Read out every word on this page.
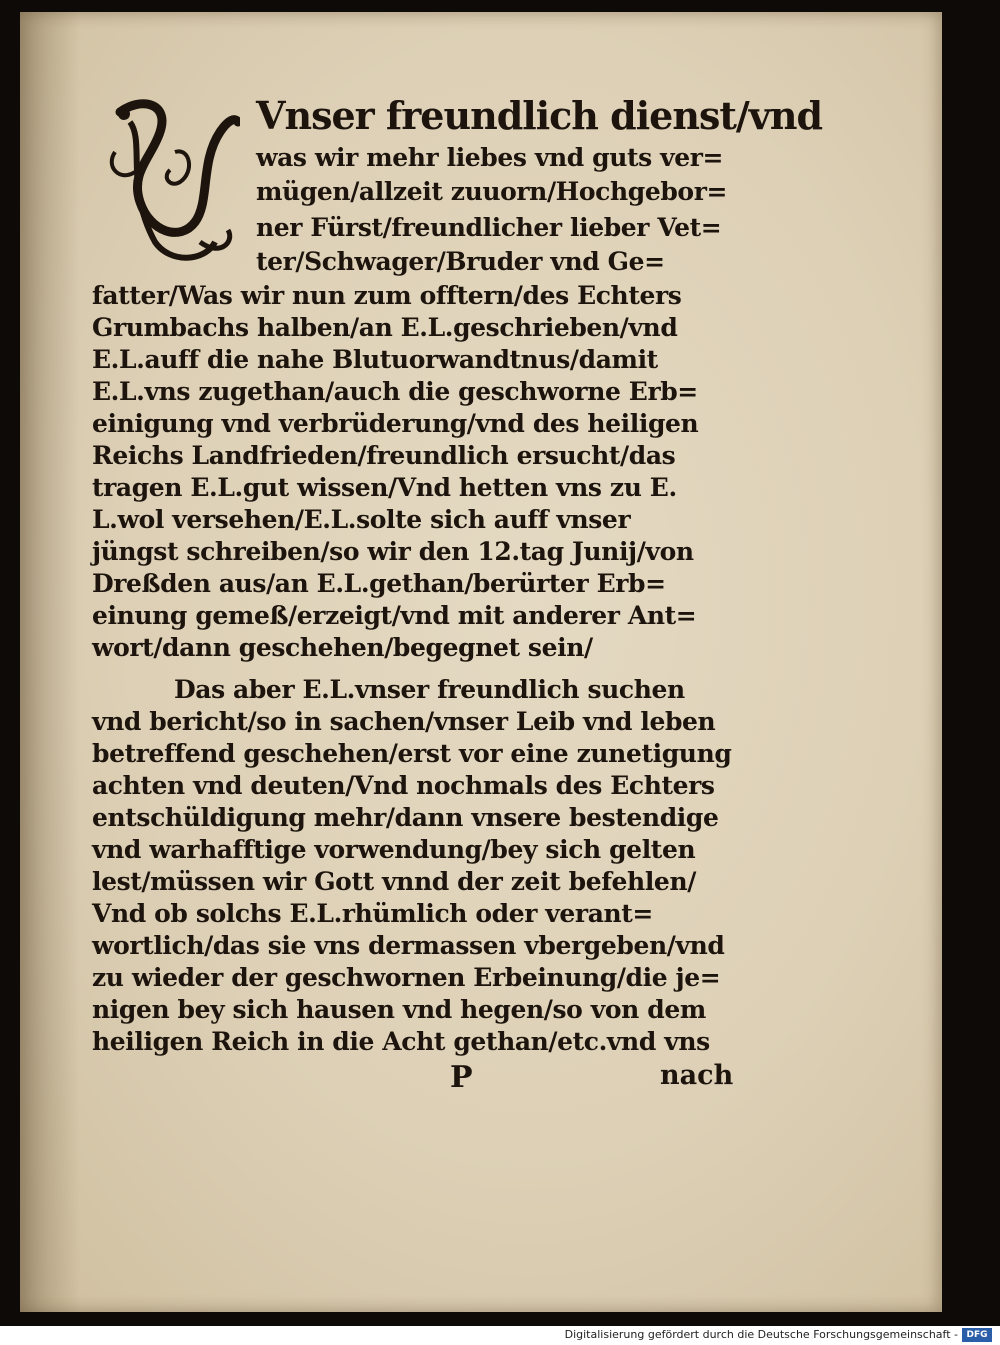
Vnser freundlich dienst/vnd
was wir mehr liebes vnd guts ver=
mügen/allzeit zuuorn/Hochgebor=
ner Fürst/freundlicher lieber Vet=
ter/Schwager/Bruder vnd Ge=
fatter/Was wir nun zum offtern/des Echters
Grumbachs halben/an E.L.geschrieben/vnd
E.L.auff die nahe Blutuorwandtnus/damit
E.L.vns zugethan/auch die geschworne Erb=
einigung vnd verbrüderung/vnd des heiligen
Reichs Landfrieden/freundlich ersucht/das
tragen E.L.gut wissen/Vnd hetten vns zu E.
L.wol versehen/E.L.solte sich auff vnser
jüngst schreiben/so wir den 12.tag Junij/von
Dreßden aus/an E.L.gethan/berürter Erb=
einung gemeß/erzeigt/vnd mit anderer Ant=
wort/dann geschehen/begegnet sein/
Das aber E.L.vnser freundlich suchen
vnd bericht/so in sachen/vnser Leib vnd leben
betreffend geschehen/erst vor eine zunetigung
achten vnd deuten/Vnd nochmals des Echters
entschüldigung mehr/dann vnsere bestendige
vnd warhafftige vorwendung/bey sich gelten
lest/müssen wir Gott vnnd der zeit befehlen/
Vnd ob solchs E.L.rhümlich oder verant=
wortlich/das sie vns dermassen vbergeben/vnd
zu wieder der geschwornen Erbeinung/die je=
nigen bey sich hausen vnd hegen/so von dem
heiligen Reich in die Acht gethan/etc.vnd vns
P	nach
Digitalisierung gefördert durch die Deutsche Forschungsgemeinschaft - DFG
